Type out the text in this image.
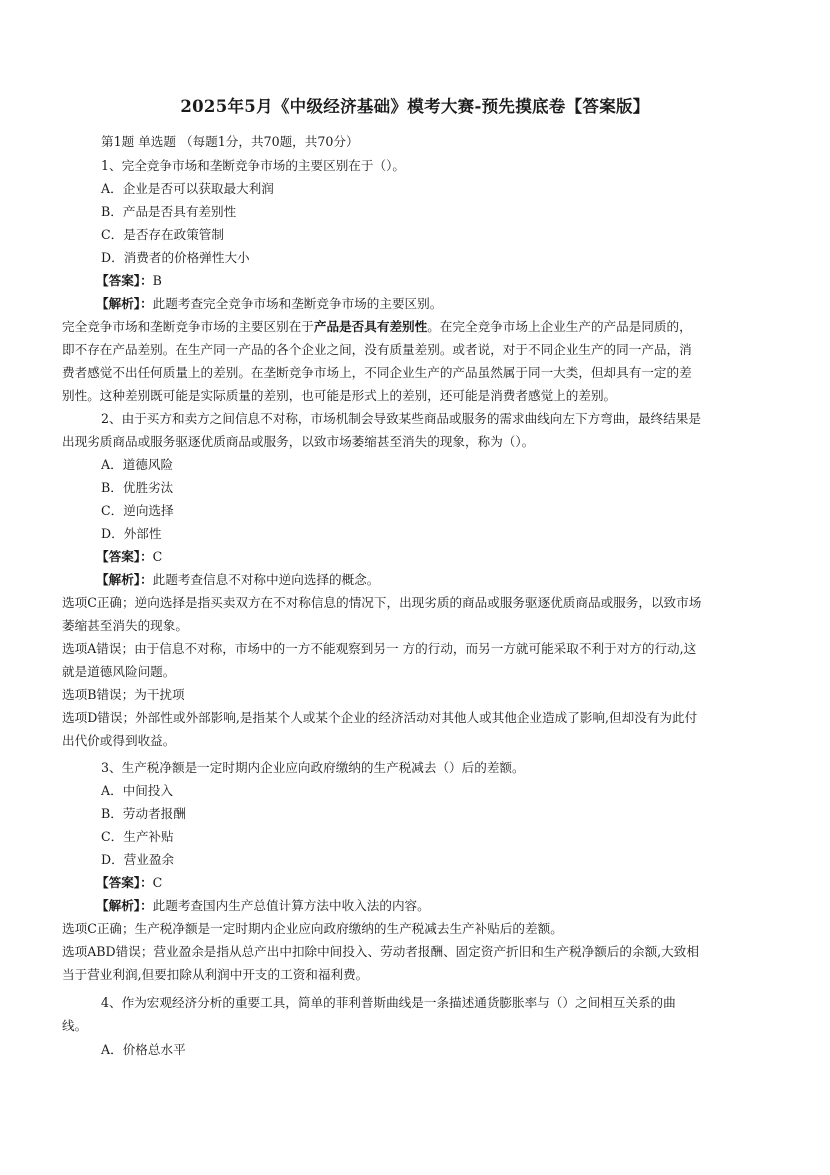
2025年5月《中级经济基础》模考大赛-预先摸底卷【答案版】
第1题 单选题 （每题1分，共70题，共70分）
1、完全竞争市场和垄断竞争市场的主要区别在于（）。
A．企业是否可以获取最大利润
B．产品是否具有差别性
C．是否存在政策管制
D．消费者的价格弹性大小
【答案】：B
【解析】：此题考查完全竞争市场和垄断竞争市场的主要区别。
完全竞争市场和垄断竞争市场的主要区别在于产品是否具有差别性。在完全竞争市场上企业生产的产品是同质的，
即不存在产品差别。在生产同一产品的各个企业之间，没有质量差别。或者说，对于不同企业生产的同一产品，消
费者感觉不出任何质量上的差别。在垄断竞争市场上，不同企业生产的产品虽然属于同一大类，但却具有一定的差
别性。这种差别既可能是实际质量的差别，也可能是形式上的差别，还可能是消费者感觉上的差别。
2、由于买方和卖方之间信息不对称，市场机制会导致某些商品或服务的需求曲线向左下方弯曲，最终结果是
出现劣质商品或服务驱逐优质商品或服务，以致市场萎缩甚至消失的现象，称为（）。
A．道德风险
B．优胜劣汰
C．逆向选择
D．外部性
【答案】：C
【解析】：此题考查信息不对称中逆向选择的概念。
选项C正确；逆向选择是指买卖双方在不对称信息的情况下，出现劣质的商品或服务驱逐优质商品或服务，以致市场
萎缩甚至消失的现象。
选项A错误；由于信息不对称，市场中的一方不能观察到另一 方的行动，而另一方就可能采取不利于对方的行动,这
就是道德风险问题。
选项B错误；为干扰项
选项D错误；外部性或外部影响,是指某个人或某个企业的经济活动对其他人或其他企业造成了影响,但却没有为此付
出代价或得到收益。
3、生产税净额是一定时期内企业应向政府缴纳的生产税减去（）后的差额。
A．中间投入
B．劳动者报酬
C．生产补贴
D．营业盈余
【答案】：C
【解析】：此题考查国内生产总值计算方法中收入法的内容。
选项C正确；生产税净额是一定时期内企业应向政府缴纳的生产税减去生产补贴后的差额。
选项ABD错误；营业盈余是指从总产出中扣除中间投入、劳动者报酬、固定资产折旧和生产税净额后的余额,大致相
当于营业利润,但要扣除从利润中开支的工资和福利费。
4、作为宏观经济分析的重要工具，简单的菲利普斯曲线是一条描述通货膨胀率与（）之间相互关系的曲
线。
A．价格总水平
